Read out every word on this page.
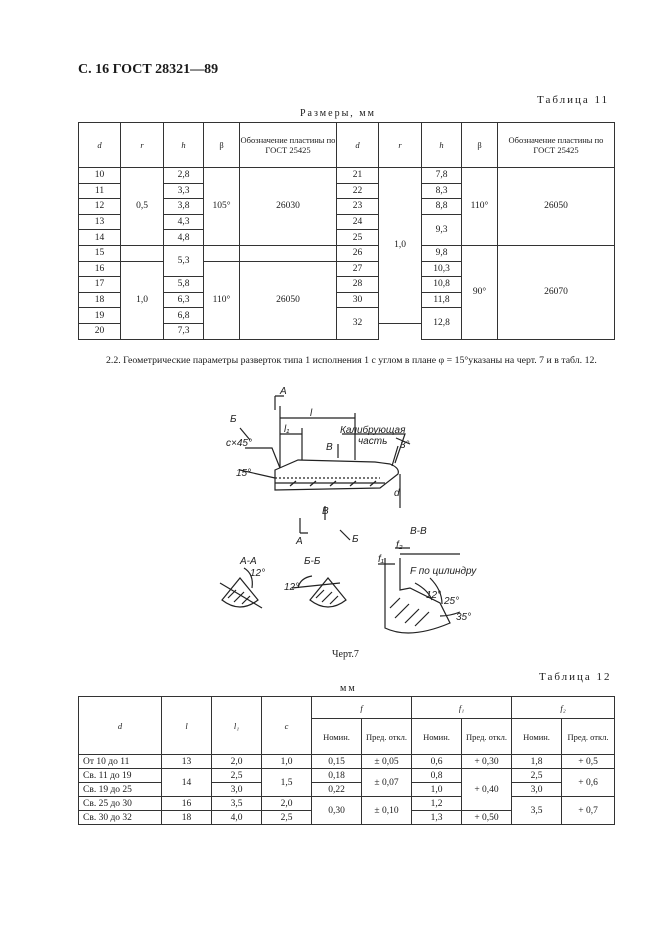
С. 16 ГОСТ 28321—89
Таблица 11
Размеры, мм
d	r	h	β	Обозначение пластины по ГОСТ 25425	d	r	h	β	Обозначение пластины по ГОСТ 25425
10	0,5	2,8	105°	26030	21	1,0	7,8	110°	26050
11		3,3			22		8,3		
12		3,8			23		8,8		
13		4,3			24		9,3		
14		4,8			25				
15		5,3			26		9,8	90°	26070
16	1,0		110°	26050	27		10,3		
17		5,8			28		10,8		
18		6,3			30		11,8		
19		6,8			32		12,8		
20		7,3							
2.2. Геометрические параметры разверток типа 1 исполнения 1 с углом в плане φ = 15°указаны на черт. 7 и в табл. 12.
А
Б
l
l₁
c×45°	В
Калибрующая
часть 3°
15°
d
В
А	Б
А-А
12°
Б-Б
12°
В-В
f₂
f₁
F по цилиндру
12°
25°
35°
Черт.7
Таблица 12
мм
d	l	l₁	c	f		f₁		f₂	
				Номин.	Пред. откл.	Номин.	Пред. откл.	Номин.	Пред. откл.
От 10 до 11	13	2,0	1,0	0,15	± 0,05	0,6	+ 0,30	1,8	+ 0,5
Св. 11 до 19	14	2,5	1,5	0,18	± 0,07	0,8	+ 0,40	2,5	+ 0,6
Св. 19 до 25		3,0		0,22		1,0		3,0	
Св. 25 до 30	16	3,5	2,0	0,30	± 0,10	1,2		3,5	+ 0,7
Св. 30 до 32	18	4,0	2,5			1,3	+ 0,50		
